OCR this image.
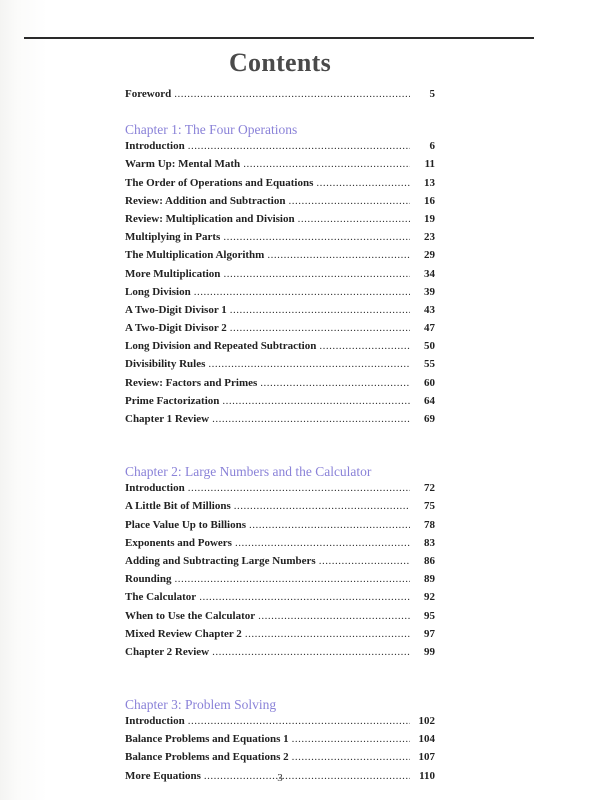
Contents
Foreword .....	5
Chapter 1: The Four Operations
Introduction .....	6
Warm Up: Mental Math .....	11
The Order of Operations and Equations .....	13
Review: Addition and Subtraction .....	16
Review: Multiplication and Division .....	19
Multiplying in Parts .....	23
The Multiplication Algorithm .....	29
More Multiplication .....	34
Long Division .....	39
A Two-Digit Divisor 1 .....	43
A Two-Digit Divisor 2 .....	47
Long Division and Repeated Subtraction .....	50
Divisibility Rules .....	55
Review: Factors and Primes .....	60
Prime Factorization .....	64
Chapter 1 Review .....	69
Chapter 2: Large Numbers and the Calculator
Introduction .....	72
A Little Bit of Millions .....	75
Place Value Up to Billions .....	78
Exponents and Powers .....	83
Adding and Subtracting Large Numbers .....	86
Rounding .....	89
The Calculator .....	92
When to Use the Calculator .....	95
Mixed Review Chapter 2 .....	97
Chapter 2 Review .....	99
Chapter 3: Problem Solving
Introduction .....	102
Balance Problems and Equations 1 .....	104
Balance Problems and Equations 2 .....	107
More Equations .....	110
3
